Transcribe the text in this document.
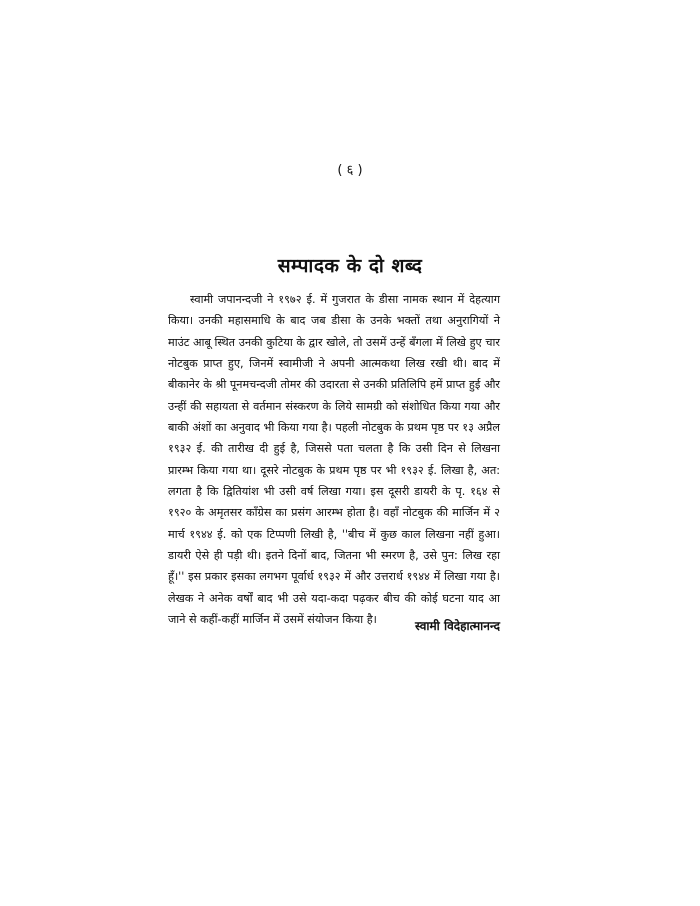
( ६ )
सम्पादक के दो शब्द

स्वामी जपानन्दजी ने १९७२ ई. में गुजरात के डीसा नामक स्थान में देहत्याग किया। उनकी महासमाधि के बाद जब डीसा के उनके भक्तों तथा अनुरागियों ने माउंट आबू स्थित उनकी कुटिया के द्वार खोले, तो उसमें उन्हें बँगला में लिखे हुए चार नोटबुक प्राप्त हुए, जिनमें स्वामीजी ने अपनी आत्मकथा लिख रखी थी। बाद में बीकानेर के श्री पूनमचन्दजी तोमर की उदारता से उनकी प्रतिलिपि हमें प्राप्त हुई और उन्हीं की सहायता से वर्तमान संस्करण के लिये सामग्री को संशोधित किया गया और बाकी अंशों का अनुवाद भी किया गया है। पहली नोटबुक के प्रथम पृष्ठ पर १३ अप्रैल १९३२ ई. की तारीख दी हुई है, जिससे पता चलता है कि उसी दिन से लिखना प्रारम्भ किया गया था। दूसरे नोटबुक के प्रथम पृष्ठ पर भी १९३२ ई. लिखा है, अत: लगता है कि द्वितियांश भी उसी वर्ष लिखा गया। इस दूसरी डायरी के पृ. १६४ से १९२० के अमृतसर काँग्रेस का प्रसंग आरम्भ होता है। वहाँ नोटबुक की मार्जिन में २ मार्च १९४४ ई. को एक टिप्पणी लिखी है, ''बीच में कुछ काल लिखना नहीं हुआ। डायरी ऐसे ही पड़ी थी। इतने दिनों बाद, जितना भी स्मरण है, उसे पुन: लिख रहा हूँ।'' इस प्रकार इसका लगभग पूर्वार्ध १९३२ में और उत्तरार्ध १९४४ में लिखा गया है। लेखक ने अनेक वर्षों बाद भी उसे यदा-कदा पढ़कर बीच की कोई घटना याद आ जाने से कहीं-कहीं मार्जिन में उसमें संयोजन किया है।	स्वामी विदेहात्मानन्द
